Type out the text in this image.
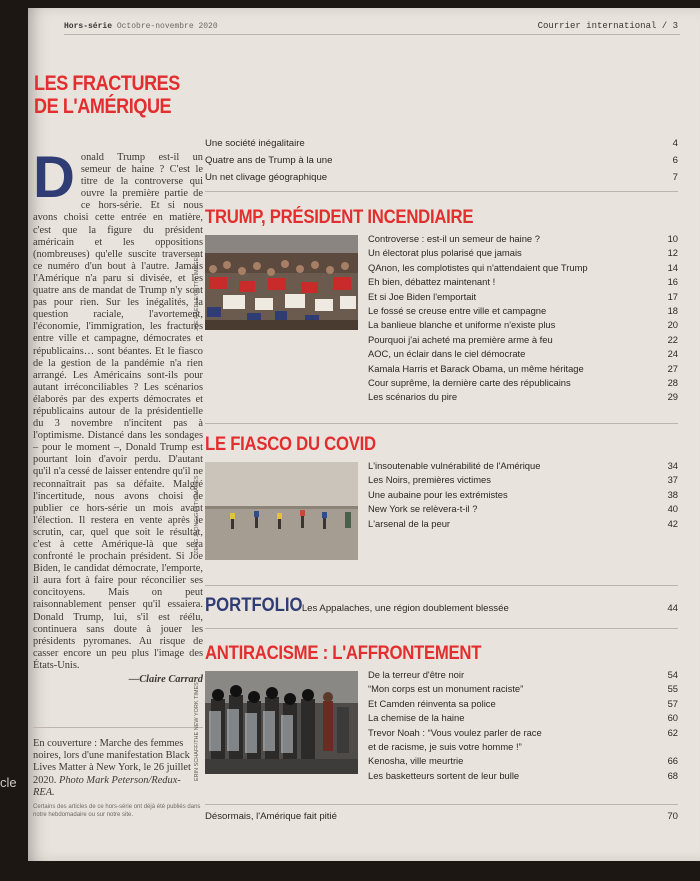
cle
Hors-série Octobre-novembre 2020	Courrier international / 3
LES FRACTURES
DE L'AMÉRIQUE
D onald Trump est-il un semeur de haine ? C'est le titre de la controverse qui ouvre la première partie de ce hors-série. Et si nous avons choisi cette entrée en matière, c'est que la figure du président américain et les oppositions (nombreuses) qu'elle suscite traversent ce numéro d'un bout à l'autre. Jamais l'Amérique n'a paru si divisée, et les quatre ans de mandat de Trump n'y sont pas pour rien. Sur les inégalités, la question raciale, l'avortement, l'économie, l'immigration, les fractures entre ville et campagne, démocrates et républicains… sont béantes. Et le fiasco de la gestion de la pandémie n'a rien arrangé. Les Américains sont-ils pour autant irréconciliables ? Les scénarios élaborés par des experts démocrates et républicains autour de la présidentielle du 3 novembre n'incitent pas à l'optimisme. Distancé dans les sondages – pour le moment –, Donald Trump est pourtant loin d'avoir perdu. D'autant qu'il n'a cessé de laisser entendre qu'il ne reconnaîtrait pas sa défaite. Malgré l'incertitude, nous avons choisi de publier ce hors-série un mois avant l'élection. Il restera en vente après le scrutin, car, quel que soit le résultat, c'est à cette Amérique-là que sera confronté le prochain président. Si Joe Biden, le candidat démocrate, l'emporte, il aura fort à faire pour réconcilier ses concitoyens. Mais on peut raisonnablement penser qu'il essaiera. Donald Trump, lui, s'il est réélu, continuera sans doute à jouer les présidents pyromanes. Au risque de casser encore un peu plus l'image des États-Unis.
—Claire Carrard
En couverture : Marche des femmes noires, lors d'une manifestation Black Lives Matter à New York, le 26 juillet 2020. Photo Mark Peterson/Redux-REA.
Certains des articles de ce hors-série ont déjà été publiés dans notre hebdomadaire ou sur notre site.
Une société inégalitaire	4
Quatre ans de Trump à la une	6
Un net clivage géographique	7
TRUMP, PRÉSIDENT INCENDIAIRE
JOE RAEDLE/GETTY IMAGES
Controverse : est-il un semeur de haine ?	10
Un électorat plus polarisé que jamais	12
QAnon, les complotistes qui n'attendaient que Trump	14
Eh bien, débattez maintenant !	16
Et si Joe Biden l'emportait	17
Le fossé se creuse entre ville et campagne	18
La banlieue blanche et uniforme n'existe plus	20
Pourquoi j'ai acheté ma première arme à feu	22
AOC, un éclair dans le ciel démocrate	24
Kamala Harris et Barack Obama, un même héritage	27
Cour suprême, la dernière carte des républicains	28
Les scénarios du pire	29
LE FIASCO DU COVID
ZENG JAONG/GETTY IMAGES
L'insoutenable vulnérabilité de l'Amérique	34
Les Noirs, premières victimes	37
Une aubaine pour les extrémistes	38
New York se relèvera-t-il ?	40
L'arsenal de la peur	42
PORTFOLIO Les Appalaches, une région doublement blessée	44
ANTIRACISME : L'AFFRONTEMENT
ERIN SCHAFF/THE NEW YORK TIMES
De la terreur d'être noir	54
“Mon corps est un monument raciste”	55
Et Camden réinventa sa police	57
La chemise de la haine	60
Trevor Noah : “Vous voulez parler de race	62
et de racisme, je suis votre homme !”
Kenosha, ville meurtrie	66
Les basketteurs sortent de leur bulle	68
Désormais, l'Amérique fait pitié	70
